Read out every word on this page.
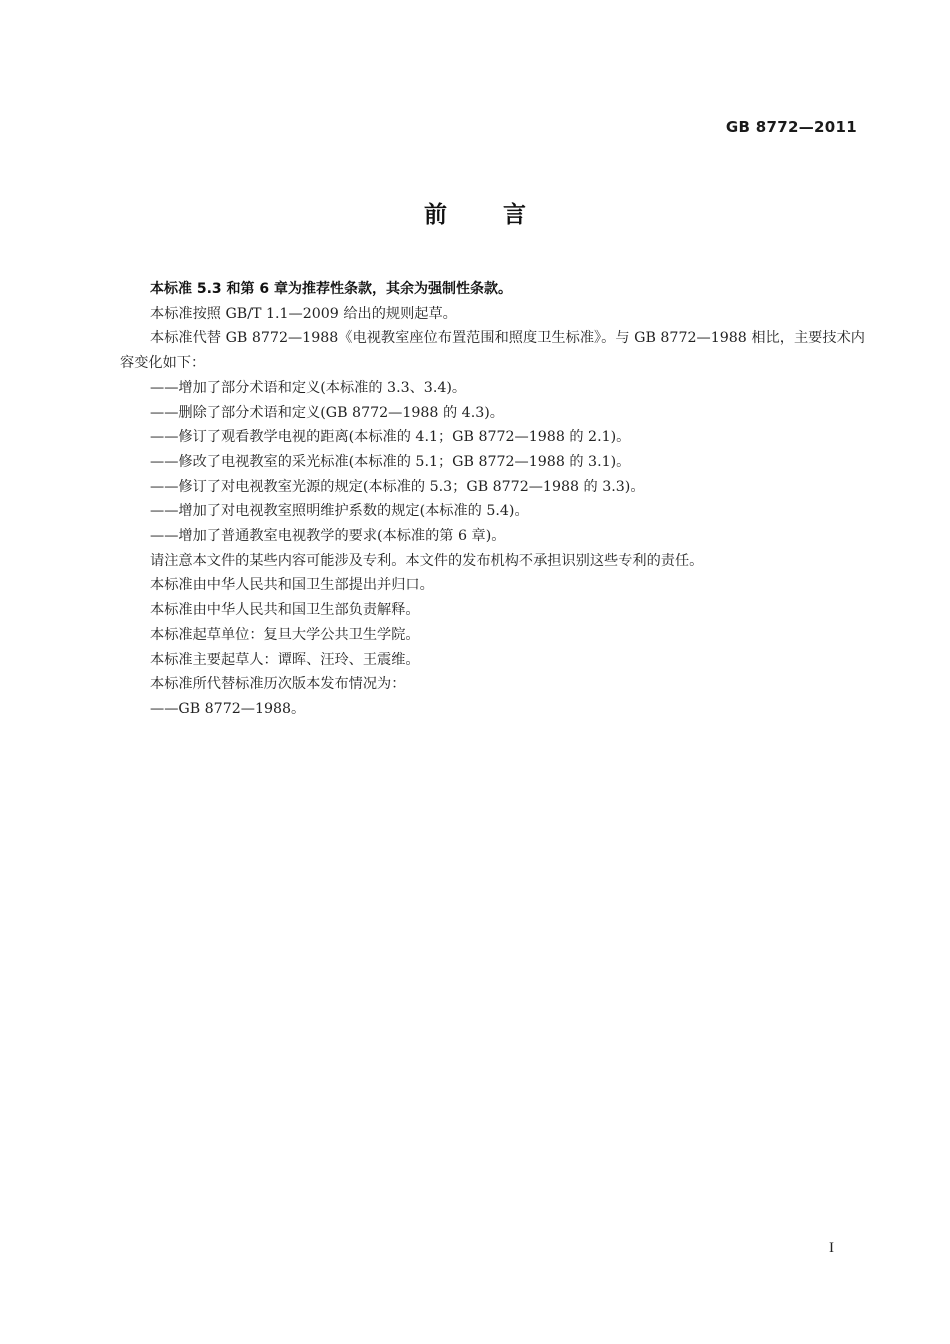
GB 8772—2011
前言

本标准 5.3 和第 6 章为推荐性条款，其余为强制性条款。

本标准按照 GB/T 1.1—2009 给出的规则起草。

本标准代替 GB 8772—1988《电视教室座位布置范围和照度卫生标准》。与 GB 8772—1988 相比，主要技术内容变化如下：

——增加了部分术语和定义(本标准的 3.3、3.4)。

——删除了部分术语和定义(GB 8772—1988 的 4.3)。

——修订了观看教学电视的距离(本标准的 4.1；GB 8772—1988 的 2.1)。

——修改了电视教室的采光标准(本标准的 5.1；GB 8772—1988 的 3.1)。

——修订了对电视教室光源的规定(本标准的 5.3；GB 8772—1988 的 3.3)。

——增加了对电视教室照明维护系数的规定(本标准的 5.4)。

——增加了普通教室电视教学的要求(本标准的第 6 章)。

请注意本文件的某些内容可能涉及专利。本文件的发布机构不承担识别这些专利的责任。

本标准由中华人民共和国卫生部提出并归口。

本标准由中华人民共和国卫生部负责解释。

本标准起草单位：复旦大学公共卫生学院。

本标准主要起草人：谭晖、汪玲、王震维。

本标准所代替标准历次版本发布情况为：

——GB 8772—1988。

I
